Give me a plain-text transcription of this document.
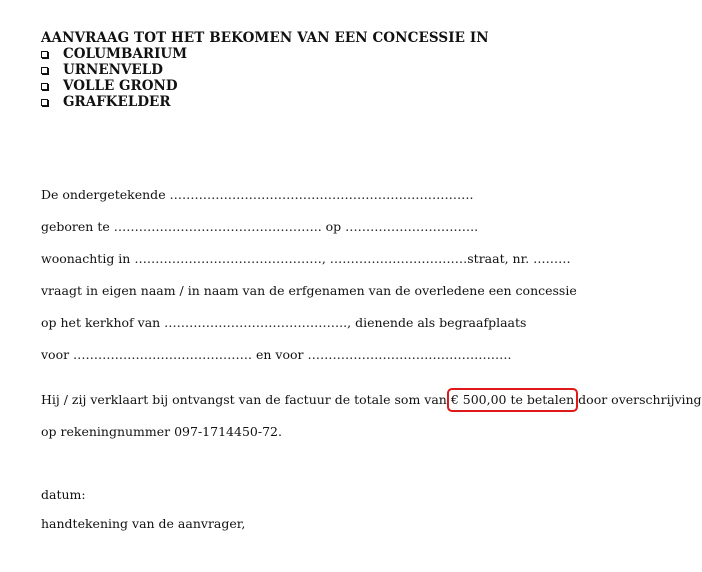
AANVRAAG TOT HET BEKOMEN VAN EEN CONCESSIE IN
COLUMBARIUM
URNENVELD
VOLLE GROND
GRAFKELDER
De ondergetekende ……………………………………………………………….
geboren te ………………………………………….. op …………………………..
woonachtig in ………………………………………, ……………………………straat, nr. ………
vraagt in eigen naam / in naam van de erfgenamen van de overledene een concessie
op het kerkhof van …………………………………….., dienende als begraafplaats
voor ……………………………………. en voor ………………………………………….
Hij / zij verklaart bij ontvangst van de factuur de totale som van € 500,00 te betalen door overschrijving
op rekeningnummer 097-1714450-72.
datum:
handtekening van de aanvrager,
